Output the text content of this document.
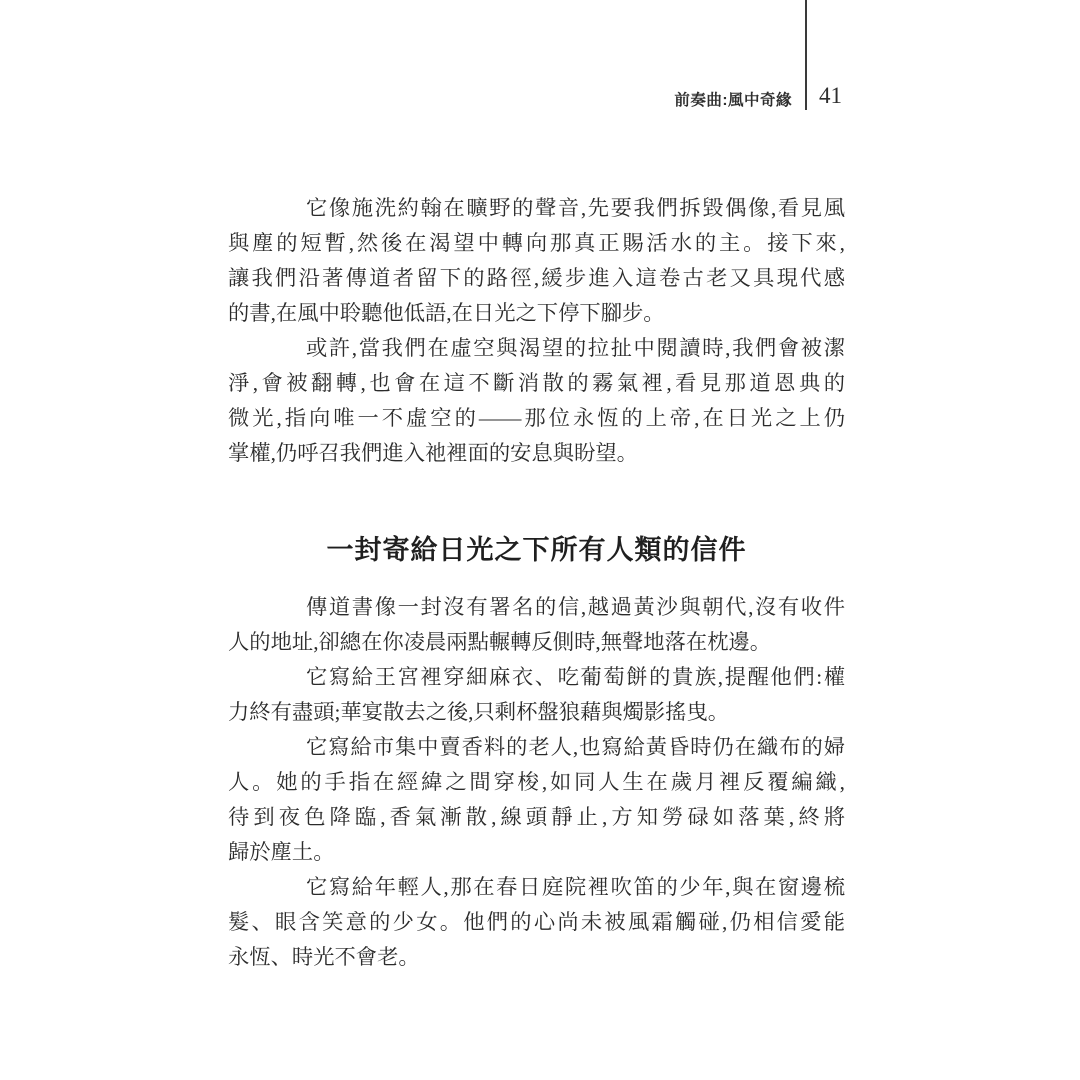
前奏曲:風中奇緣 41
它像施洗約翰在曠野的聲音,先要我們拆毀偶像,看見風
與塵的短暫,然後在渴望中轉向那真正賜活水的主。接下來,
讓我們沿著傳道者留下的路徑,緩步進入這卷古老又具現代感
的書,在風中聆聽他低語,在日光之下停下腳步。
或許,當我們在虛空與渴望的拉扯中閱讀時,我們會被潔
淨,會被翻轉,也會在這不斷消散的霧氣裡,看見那道恩典的
微光,指向唯一不虛空的——那位永恆的上帝,在日光之上仍
掌權,仍呼召我們進入祂裡面的安息與盼望。
一封寄給日光之下所有人類的信件
傳道書像一封沒有署名的信,越過黃沙與朝代,沒有收件
人的地址,卻總在你凌晨兩點輾轉反側時,無聲地落在枕邊。
它寫給王宮裡穿細麻衣、吃葡萄餅的貴族,提醒他們:權
力終有盡頭;華宴散去之後,只剩杯盤狼藉與燭影搖曳。
它寫給市集中賣香料的老人,也寫給黃昏時仍在織布的婦
人。她的手指在經緯之間穿梭,如同人生在歲月裡反覆編織,
待到夜色降臨,香氣漸散,線頭靜止,方知勞碌如落葉,終將
歸於塵土。
它寫給年輕人,那在春日庭院裡吹笛的少年,與在窗邊梳
髮、眼含笑意的少女。他們的心尚未被風霜觸碰,仍相信愛能
永恆、時光不會老。
